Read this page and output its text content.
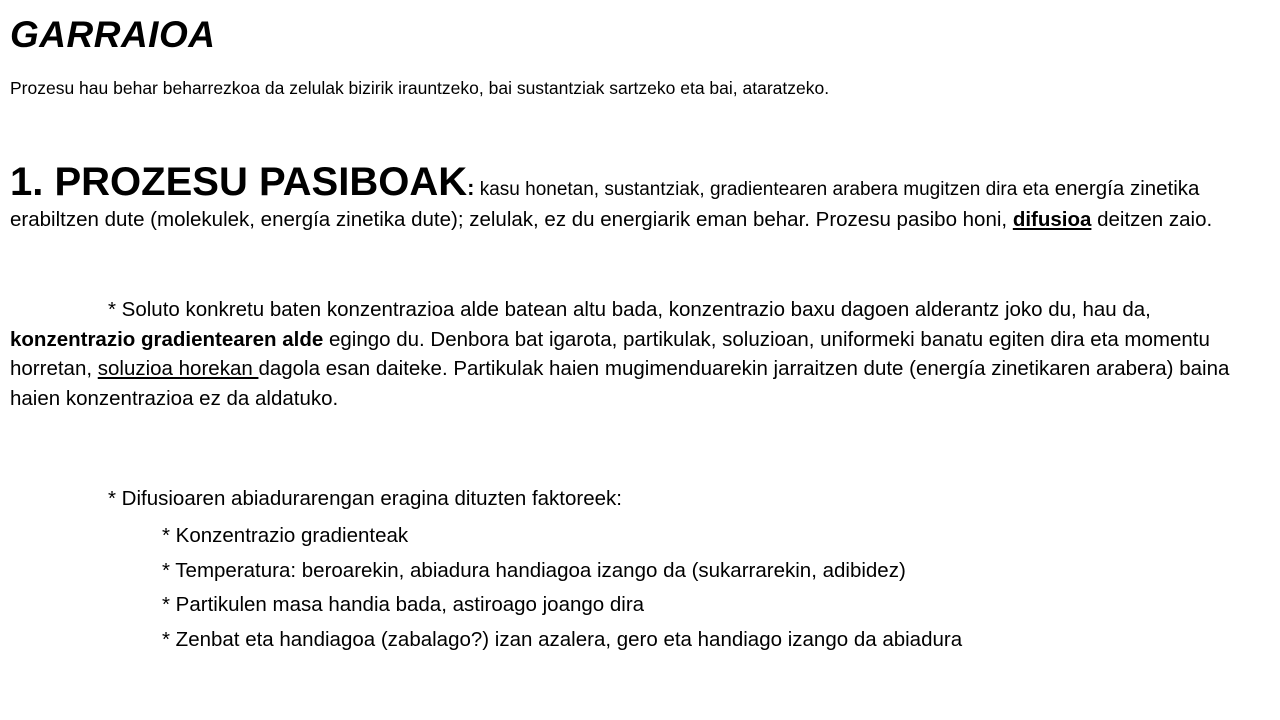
GARRAIOA

Prozesu hau behar beharrezkoa da zelulak bizirik irauntzeko, bai sustantziak sartzeko eta bai, ataratzeko.

1. PROZESU PASIBOAK: kasu honetan, sustantziak, gradientearen arabera mugitzen dira eta energía zinetika erabiltzen dute (molekulek, energía zinetika dute); zelulak, ez du energiarik eman behar. Prozesu pasibo honi, difusioa deitzen zaio.

* Soluto konkretu baten konzentrazioa alde batean altu bada, konzentrazio baxu dagoen alderantz joko du, hau da, konzentrazio gradientearen alde egingo du. Denbora bat igarota, partikulak, soluzioan, uniformeki banatu egiten dira eta momentu horretan, soluzioa horekan dagola esan daiteke. Partikulak haien mugimenduarekin jarraitzen dute (energía zinetikaren arabera) baina haien konzentrazioa ez da aldatuko.

* Difusioaren abiadurarengan eragina dituzten faktoreek:

* Konzentrazio gradienteak
* Temperatura: beroarekin, abiadura handiagoa izango da (sukarrarekin, adibidez)
* Partikulen masa handia bada, astiroago joango dira
* Zenbat eta handiagoa (zabalago?) izan azalera, gero eta handiago izango da abiadura
